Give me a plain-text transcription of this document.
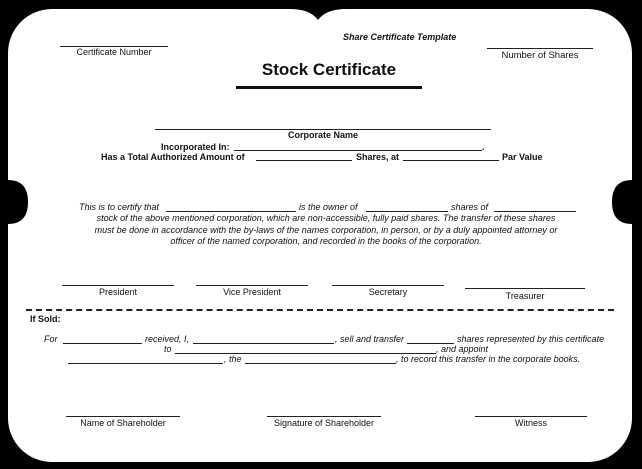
Share Certificate Template
Certificate Number	Number of Shares
Stock Certificate
Corporate Name
Incorporated In:	.
Has a Total Authorized Amount of	Shares, at	Par Value
This is to certify that	is the owner of	shares of
stock of the above mentioned corporation, which are non-accessible, fully paid shares. The transfer of these shares
must be done in accordance with the by-laws of the names corporation, in person, or by a duly appointed attorney or
officer of the named corporation, and recorded in the books of the corporation.
President	Vice President	Secretary	Treasurer
If Sold:
For	received, I,	, sell and transfer	shares represented by this certificate
to	, and appoint
, the	, to record this transfer in the corporate books.
Name of Shareholder	Signature of Shareholder	Witness
